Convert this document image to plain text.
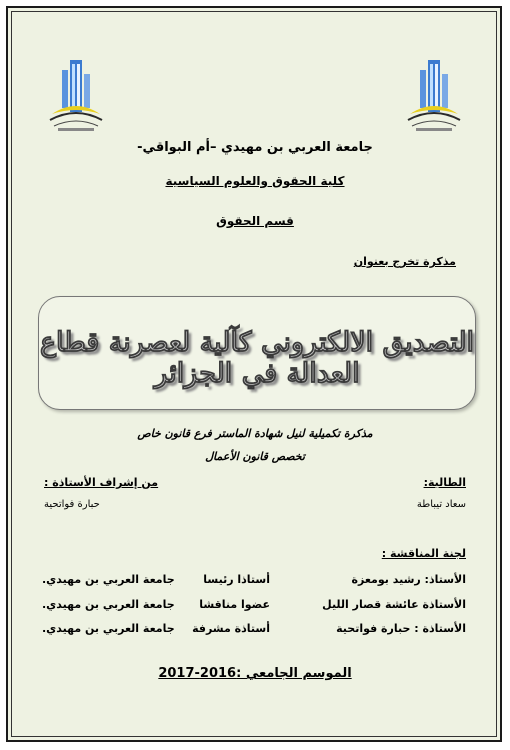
جامعة العربي بن مهيدي –أم البواقي-
كلية الحقوق والعلوم السياسية
قسم الحقوق
مذكرة تخرج بعنوان
التصديق الالكتروني كآلية لعصرنة قطاع العدالة في الجزائر
مذكرة تكميلية لنيل شهادة الماستر فرع قانون خاص
تخصص قانون الأعمال
الطالبة:
من إشراف الأستاذة :
سعاد تيباطة
حبارة فواتحية
لجنة المناقشة :
الأستاذ: رشيد بومعزة
أستاذا رئيسا
جامعة العربي بن مهيدي.
الأستاذة عائشة قصار الليل
عضوا مناقشا
جامعة العربي بن مهيدي.
الأستاذة : حبارة فواتحية
أستاذة مشرفة
جامعة العربي بن مهيدي.
الموسم الجامعي :2016-2017
